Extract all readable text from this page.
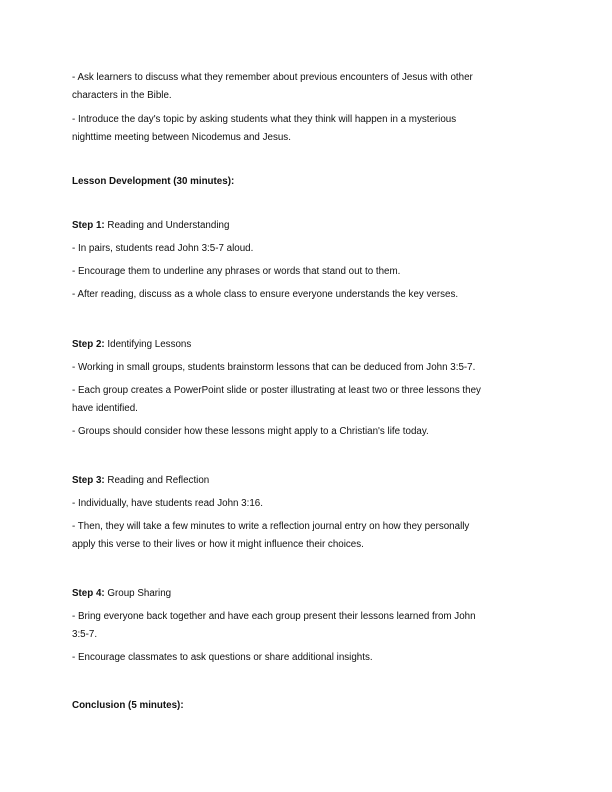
- Ask learners to discuss what they remember about previous encounters of Jesus with other
characters in the Bible.
- Introduce the day's topic by asking students what they think will happen in a mysterious
nighttime meeting between Nicodemus and Jesus.
Lesson Development (30 minutes):
Step 1: Reading and Understanding
- In pairs, students read John 3:5-7 aloud.
- Encourage them to underline any phrases or words that stand out to them.
- After reading, discuss as a whole class to ensure everyone understands the key verses.
Step 2: Identifying Lessons
- Working in small groups, students brainstorm lessons that can be deduced from John 3:5-7.
- Each group creates a PowerPoint slide or poster illustrating at least two or three lessons they
have identified.
- Groups should consider how these lessons might apply to a Christian's life today.
Step 3: Reading and Reflection
- Individually, have students read John 3:16.
- Then, they will take a few minutes to write a reflection journal entry on how they personally
apply this verse to their lives or how it might influence their choices.
Step 4: Group Sharing
- Bring everyone back together and have each group present their lessons learned from John
3:5-7.
- Encourage classmates to ask questions or share additional insights.
Conclusion (5 minutes):
